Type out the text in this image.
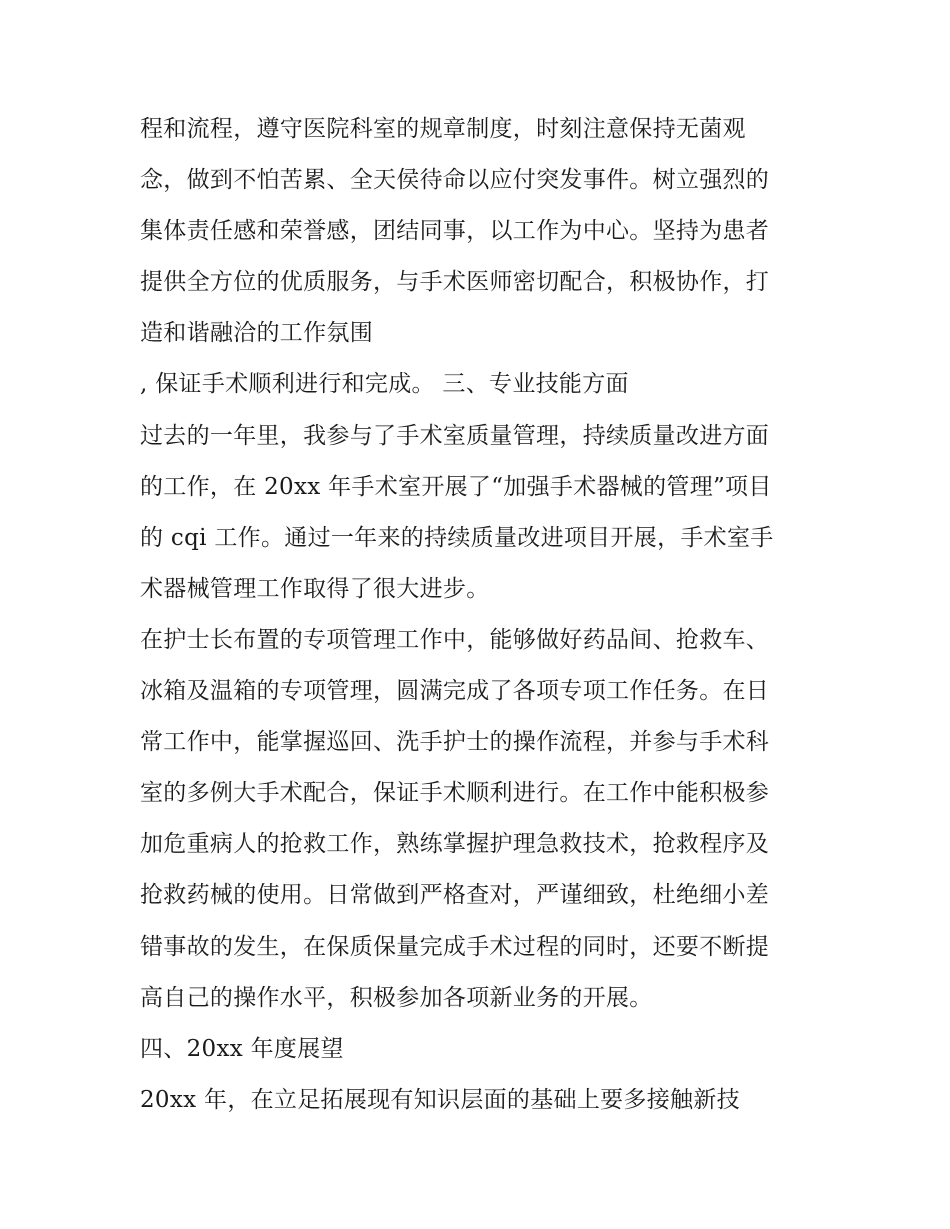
程和流程，遵守医院科室的规章制度，时刻注意保持无菌观
念，做到不怕苦累、全天侯待命以应付突发事件。树立强烈的
集体责任感和荣誉感，团结同事，以工作为中心。坚持为患者
提供全方位的优质服务，与手术医师密切配合，积极协作，打
造和谐融洽的工作氛围
, 保证手术顺利进行和完成。 三、专业技能方面
过去的一年里，我参与了手术室质量管理，持续质量改进方面
的工作，在 20xx 年手术室开展了“加强手术器械的管理”项目
的 cqi 工作。通过一年来的持续质量改进项目开展，手术室手
术器械管理工作取得了很大进步。
在护士长布置的专项管理工作中，能够做好药品间、抢救车、
冰箱及温箱的专项管理，圆满完成了各项专项工作任务。在日
常工作中，能掌握巡回、洗手护士的操作流程，并参与手术科
室的多例大手术配合，保证手术顺利进行。在工作中能积极参
加危重病人的抢救工作，熟练掌握护理急救技术，抢救程序及
抢救药械的使用。日常做到严格查对，严谨细致，杜绝细小差
错事故的发生，在保质保量完成手术过程的同时，还要不断提
高自己的操作水平，积极参加各项新业务的开展。
四、20xx 年度展望
20xx 年，在立足拓展现有知识层面的基础上要多接触新技
